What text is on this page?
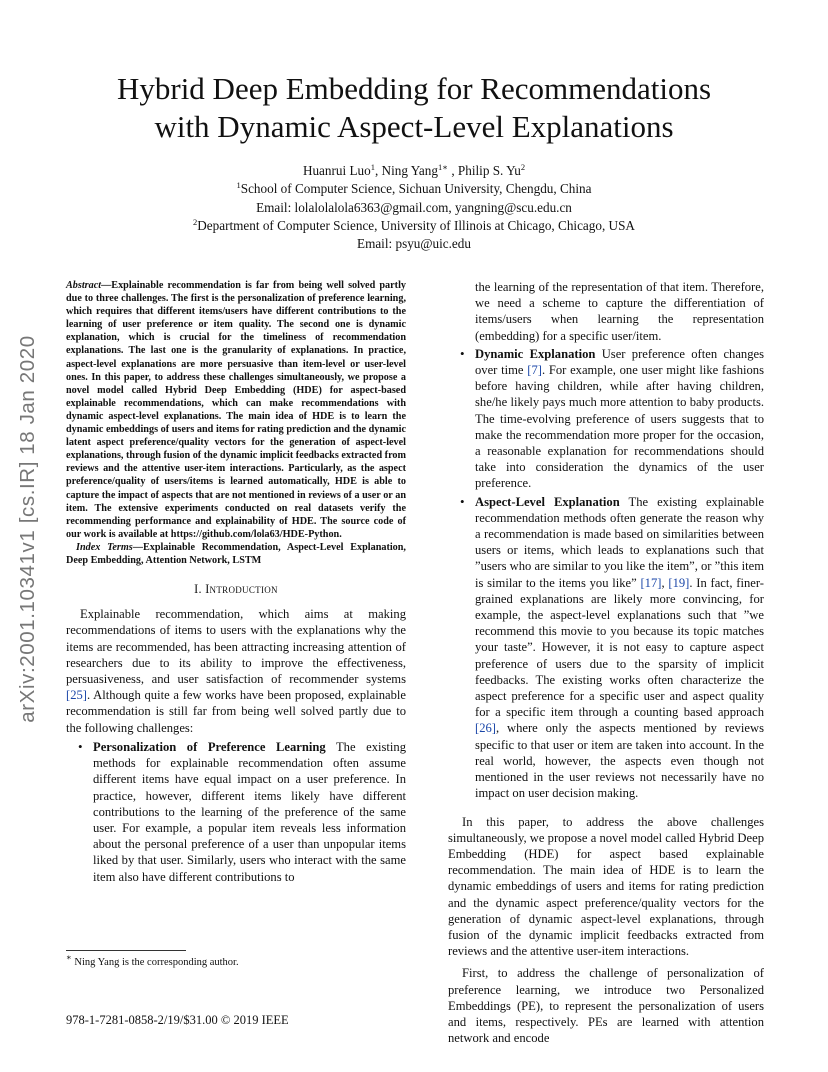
Hybrid Deep Embedding for Recommendations
with Dynamic Aspect-Level Explanations
Huanrui Luo$^1$, Ning Yang$^{1∗}$ , Philip S. Yu$^2$
$^1$School of Computer Science, Sichuan University, Chengdu, China
Email: lolalolalola6363@gmail.com, yangning@scu.edu.cn
$^2$Department of Computer Science, University of Illinois at Chicago, Chicago, USA
Email: psyu@uic.edu
arXiv:2001.10341v1 [cs.IR] 18 Jan 2020
Abstract—Explainable recommendation is far from being well solved partly due to three challenges. The first is the personalization of preference learning, which requires that different items/users have different contributions to the learning of user preference or item quality. The second one is dynamic explanation, which is crucial for the timeliness of recommendation explanations. The last one is the granularity of explanations. In practice, aspect-level explanations are more persuasive than item-level or user-level ones. In this paper, to address these challenges simultaneously, we propose a novel model called Hybrid Deep Embedding (HDE) for aspect-based explainable recommendations, which can make recommendations with dynamic aspect-level explanations. The main idea of HDE is to learn the dynamic embeddings of users and items for rating prediction and the dynamic latent aspect preference/quality vectors for the generation of aspect-level explanations, through fusion of the dynamic implicit feedbacks extracted from reviews and the attentive user-item interactions. Particularly, as the aspect preference/quality of users/items is learned automatically, HDE is able to capture the impact of aspects that are not mentioned in reviews of a user or an item. The extensive experiments conducted on real datasets verify the recommending performance and explainability of HDE. The source code of our work is available at https://github.com/lola63/HDE-Python.
Index Terms—Explainable Recommendation, Aspect-Level Explanation, Deep Embedding, Attention Network, LSTM
I. Introduction

Explainable recommendation, which aims at making recommendations of items to users with the explanations why the items are recommended, has been attracting increasing attention of researchers due to its ability to improve the effectiveness, persuasiveness, and user satisfaction of recommender systems [25]. Although quite a few works have been proposed, explainable recommendation is still far from being well solved partly due to the following challenges:

• Personalization of Preference Learning The existing methods for explainable recommendation often assume different items have equal impact on a user preference. In practice, however, different items likely have different contributions to the learning of the preference of the same user. For example, a popular item reveals less information about the personal preference of a user than unpopular items liked by that user. Similarly, users who interact with the same item also have different contributions to

∗ Ning Yang is the corresponding author.
978-1-7281-0858-2/19/$31.00 © 2019 IEEE

the learning of the representation of that item. Therefore, we need a scheme to capture the differentiation of items/users when learning the representation (embedding) for a specific user/item.

• Dynamic Explanation User preference often changes over time [7]. For example, one user might like fashions before having children, while after having children, she/he likely pays much more attention to baby products. The time-evolving preference of users suggests that to make the recommendation more proper for the occasion, a reasonable explanation for recommendations should take into consideration the dynamics of the user preference.

• Aspect-Level Explanation The existing explainable recommendation methods often generate the reason why a recommendation is made based on similarities between users or items, which leads to explanations such that ”users who are similar to you like the item”, or ”this item is similar to the items you like” [17], [19]. In fact, finer-grained explanations are likely more convincing, for example, the aspect-level explanations such that ”we recommend this movie to you because its topic matches your taste”. However, it is not easy to capture aspect preference of users due to the sparsity of implicit feedbacks. The existing works often characterize the aspect preference for a specific user and aspect quality for a specific item through a counting based approach [26], where only the aspects mentioned by reviews specific to that user or item are taken into account. In the real world, however, the aspects even though not mentioned in the user reviews not necessarily have no impact on user decision making.

In this paper, to address the above challenges simultaneously, we propose a novel model called Hybrid Deep Embedding (HDE) for aspect based explainable recommendation. The main idea of HDE is to learn the dynamic embeddings of users and items for rating prediction and the dynamic aspect preference/quality vectors for the generation of dynamic aspect-level explanations, through fusion of the dynamic implicit feedbacks extracted from reviews and the attentive user-item interactions.

First, to address the challenge of personalization of preference learning, we introduce two Personalized Embeddings (PE), to represent the personalization of users and items, respectively. PEs are learned with attention network and encode
